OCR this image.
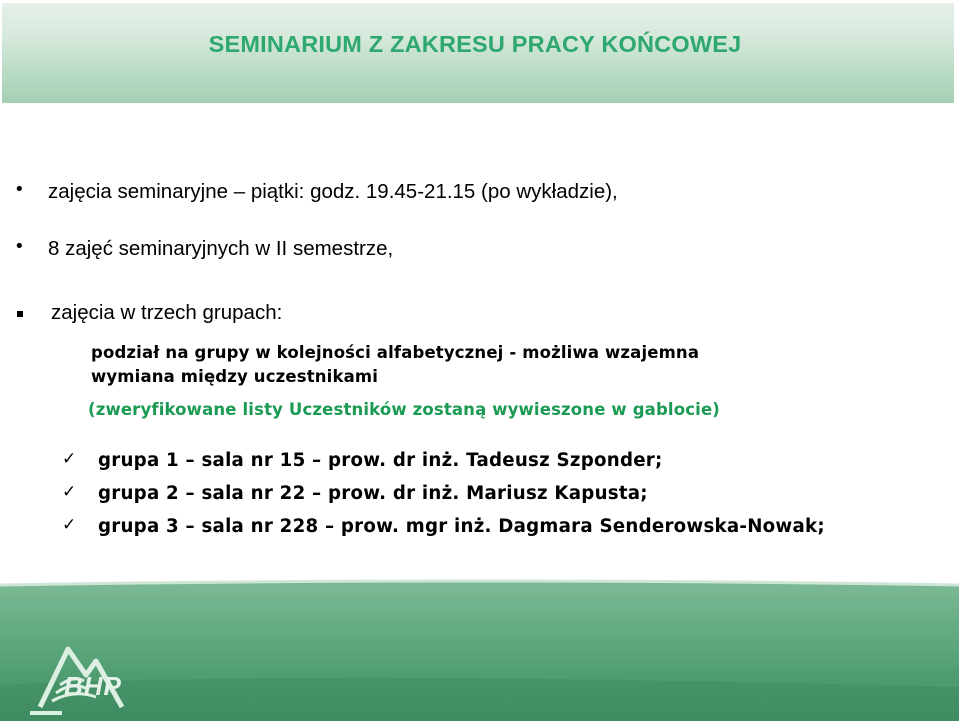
SEMINARIUM Z ZAKRESU PRACY KOŃCOWEJ
• zajęcia seminaryjne – piątki: godz. 19.45-21.15 (po wykładzie),
• 8 zajęć seminaryjnych w II semestrze,
zajęcia w trzech grupach:
podział na grupy w kolejności alfabetycznej - możliwa wzajemna
wymiana między uczestnikami
(zweryfikowane listy Uczestników zostaną wywieszone w gablocie)
✓ grupa 1 – sala nr 15 – prow. dr inż. Tadeusz Szponder;
✓ grupa 2 – sala nr 22 – prow. dr inż. Mariusz Kapusta;
✓ grupa 3 – sala nr 228 – prow. mgr inż. Dagmara Senderowska-Nowak;
BHP
